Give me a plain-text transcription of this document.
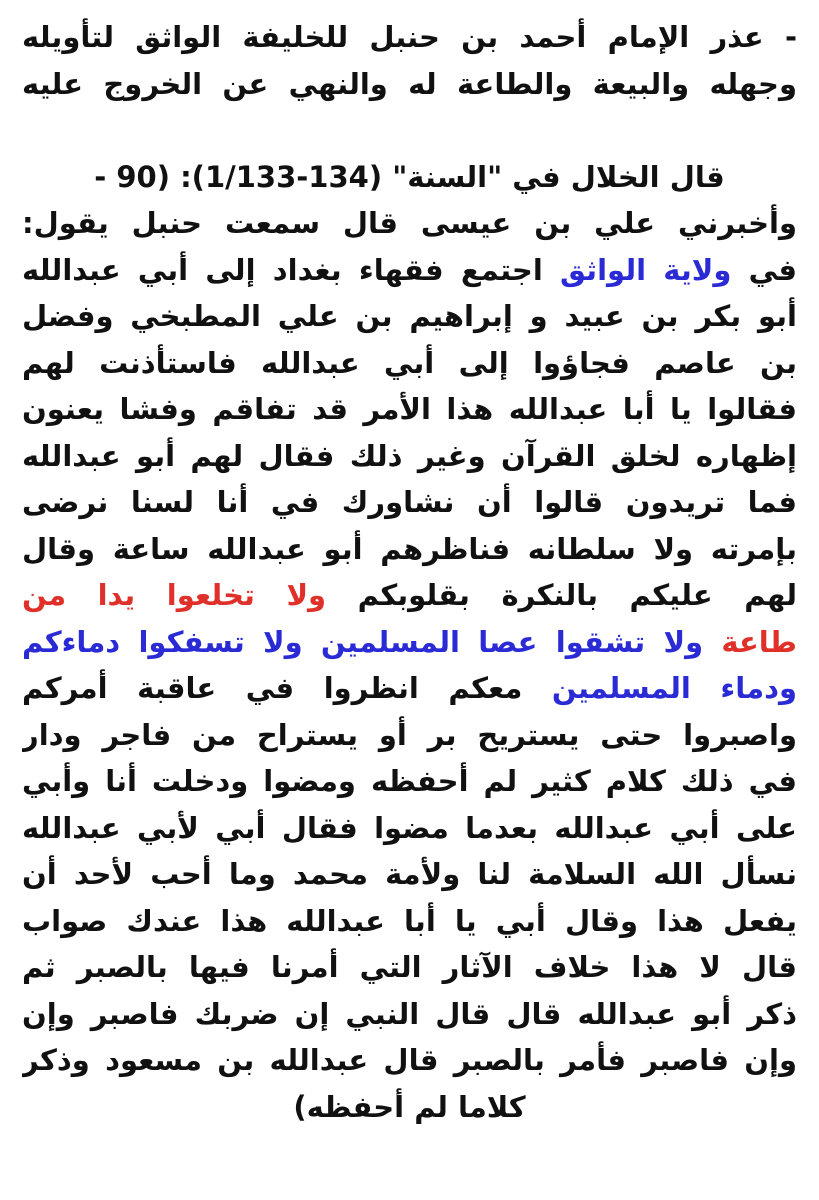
- عذر الإمام أحمد بن حنبل للخليفة الواثق لتأويله
وجهله والبيعة والطاعة له والنهي عن الخروج عليه
قال الخلال في "السنة" (134-1/133): (90 -
وأخبرني علي بن عيسى قال سمعت حنبل يقول:
في ولاية الواثق اجتمع فقهاء بغداد إلى أبي عبدالله
أبو بكر بن عبيد و إبراهيم بن علي المطبخي وفضل
بن عاصم فجاؤوا إلى أبي عبدالله فاستأذنت لهم
فقالوا يا أبا عبدالله هذا الأمر قد تفاقم وفشا يعنون
إظهاره لخلق القرآن وغير ذلك فقال لهم أبو عبدالله
فما تريدون قالوا أن نشاورك في أنا لسنا نرضى
بإمرته ولا سلطانه فناظرهم أبو عبدالله ساعة وقال
لهم عليكم بالنكرة بقلوبكم ولا تخلعوا يدا من
طاعة ولا تشقوا عصا المسلمين ولا تسفكوا دماءكم
ودماء المسلمين معكم انظروا في عاقبة أمركم
واصبروا حتى يستريح بر أو يستراح من فاجر ودار
في ذلك كلام كثير لم أحفظه ومضوا ودخلت أنا وأبي
على أبي عبدالله بعدما مضوا فقال أبي لأبي عبدالله
نسأل الله السلامة لنا ولأمة محمد وما أحب لأحد أن
يفعل هذا وقال أبي يا أبا عبدالله هذا عندك صواب
قال لا هذا خلاف الآثار التي أمرنا فيها بالصبر ثم
ذكر أبو عبدالله قال قال النبي إن ضربك فاصبر وإن
وإن فاصبر فأمر بالصبر قال عبدالله بن مسعود وذكر
كلاما لم أحفظه)
